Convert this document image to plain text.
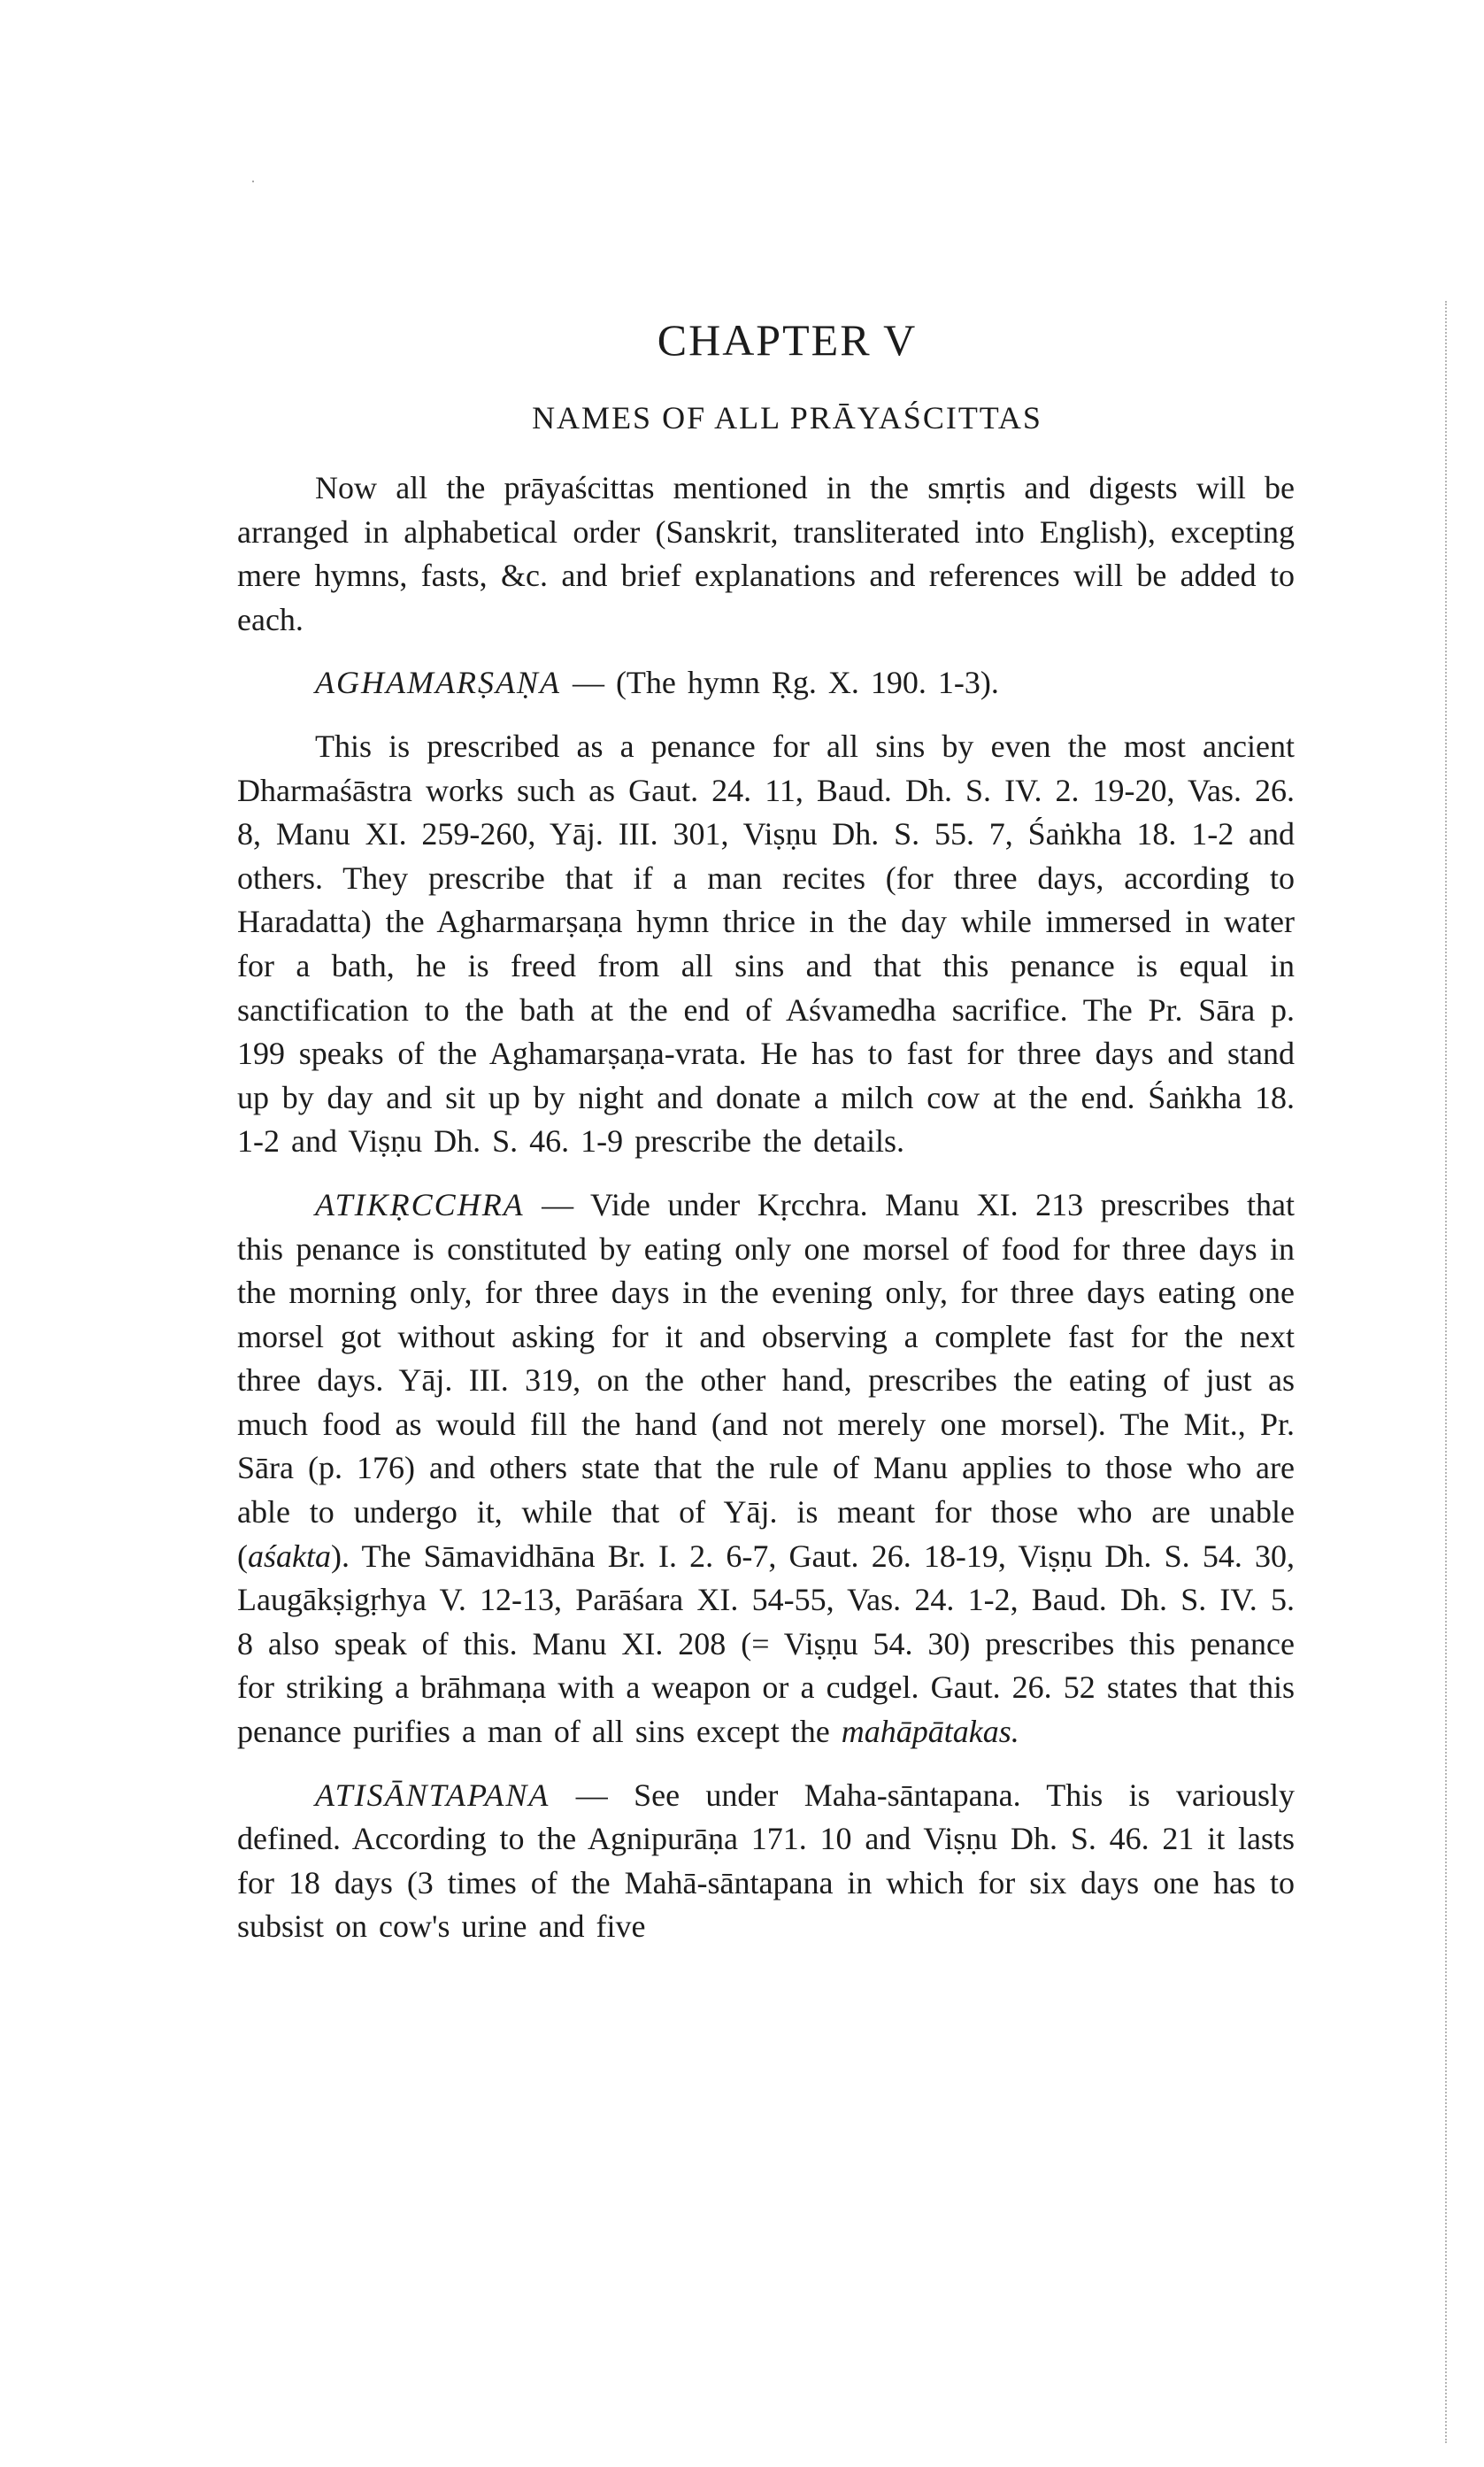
·
CHAPTER V
NAMES OF ALL PRĀYAŚCITTAS

Now all the prāyaścittas mentioned in the smṛtis and digests will be arranged in alphabetical order (Sanskrit, transliterated into English), excepting mere hymns, fasts, &c. and brief explanations and references will be added to each.

AGHAMARṢAṆA — (The hymn Ṛg. X. 190. 1-3).

This is prescribed as a penance for all sins by even the most ancient Dharmaśāstra works such as Gaut. 24. 11, Baud. Dh. S. IV. 2. 19-20, Vas. 26. 8, Manu XI. 259-260, Yāj. III. 301, Viṣṇu Dh. S. 55. 7, Śaṅkha 18. 1-2 and others. They prescribe that if a man recites (for three days, according to Haradatta) the Agharmarṣaṇa hymn thrice in the day while immersed in water for a bath, he is freed from all sins and that this penance is equal in sanctification to the bath at the end of Aśvamedha sacrifice. The Pr. Sāra p. 199 speaks of the Aghamarṣaṇa-vrata. He has to fast for three days and stand up by day and sit up by night and donate a milch cow at the end. Śaṅkha 18. 1-2 and Viṣṇu Dh. S. 46. 1-9 prescribe the details.

ATIKṚCCHRA — Vide under Kṛcchra. Manu XI. 213 prescribes that this penance is constituted by eating only one morsel of food for three days in the morning only, for three days in the evening only, for three days eating one morsel got without asking for it and observing a complete fast for the next three days. Yāj. III. 319, on the other hand, prescribes the eating of just as much food as would fill the hand (and not merely one morsel). The Mit., Pr. Sāra (p. 176) and others state that the rule of Manu applies to those who are able to undergo it, while that of Yāj. is meant for those who are unable (aśakta). The Sāmavidhāna Br. I. 2. 6-7, Gaut. 26. 18-19, Viṣṇu Dh. S. 54. 30, Laugākṣigṛhya V. 12-13, Parāśara XI. 54-55, Vas. 24. 1-2, Baud. Dh. S. IV. 5. 8 also speak of this. Manu XI. 208 (= Viṣṇu 54. 30) prescribes this penance for striking a brāhmaṇa with a weapon or a cudgel. Gaut. 26. 52 states that this penance purifies a man of all sins except the mahāpātakas.

ATISĀNTAPANA — See under Maha-sāntapana. This is variously defined. According to the Agnipurāṇa 171. 10 and Viṣṇu Dh. S. 46. 21 it lasts for 18 days (3 times of the Mahā-sāntapana in which for six days one has to subsist on cow's urine and five
